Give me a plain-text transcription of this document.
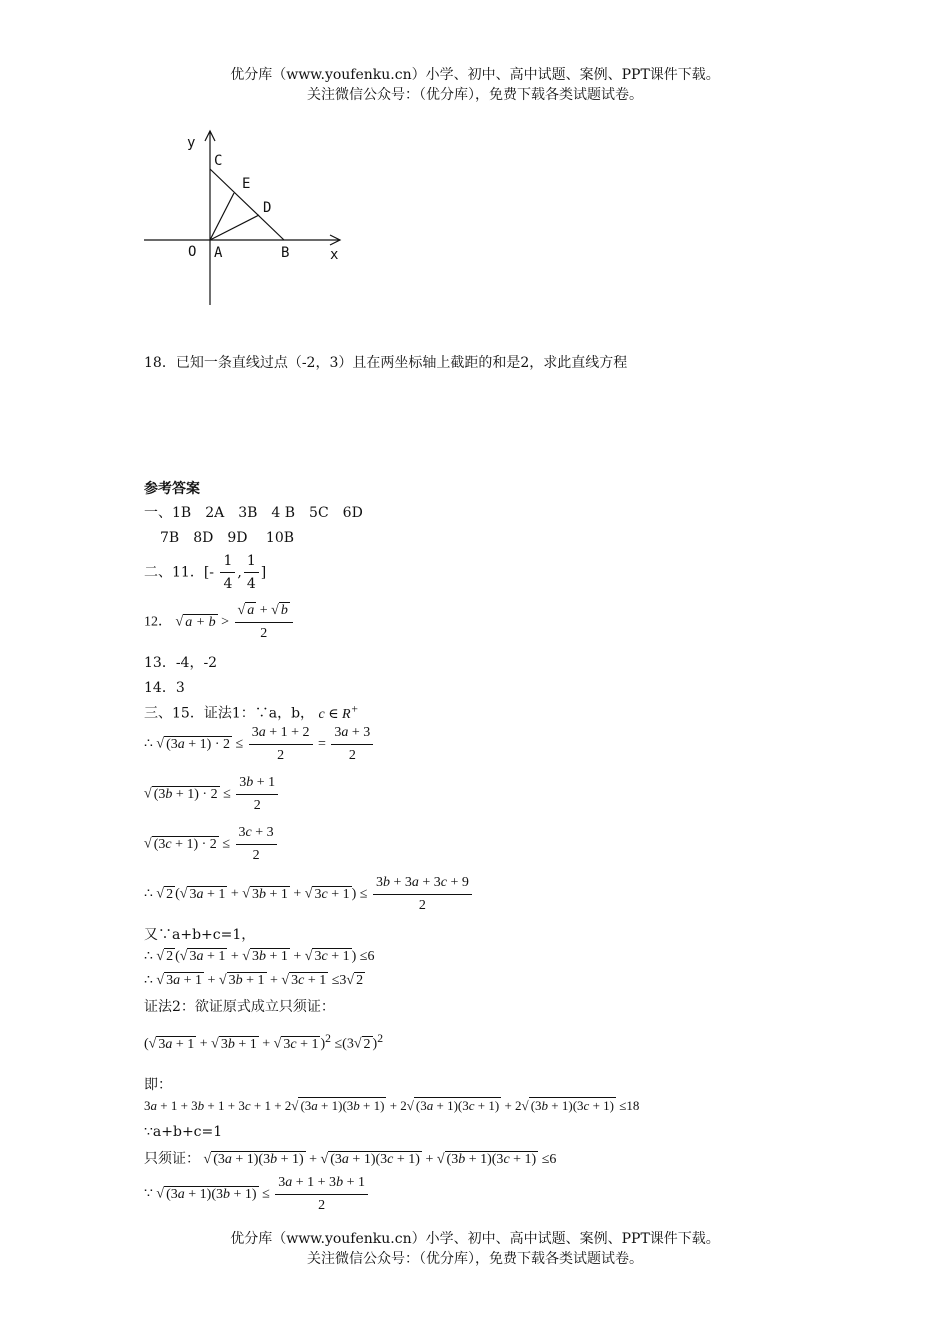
优分库（www.youfenku.cn）小学、初中、高中试题、案例、PPT课件下载。
关注微信公众号：（优分库），免费下载各类试题试卷。
y
C
E
D
O A	B	x
18．已知一条直线过点（-2，3）且在两坐标轴上截距的和是2，求此直线方程
参考答案
一、1B　2A　3B　4 B　5C　6D
7B　8D　9D　 10B
二、11．[- $\frac{1}{4}$ , $\frac{1}{4}$ ]
12． √ $a + b > \frac{√ a + √ b}{2}$
13．-4，-2
14．3
三、15．证法1：∵a，b， c ∈ R+
∴ √ $(3a + 1) \cdot 2 \le \frac{3a + 1 + 2}{2} = \frac{3a + 3}{2}$
√ $(3b + 1) \cdot 2 \le \frac{3b + 1}{2}$
√ $(3c + 1) \cdot 2 \le \frac{3c + 3}{2}$
∴ √ 2 (√ 3a + 1 + √ 3b + 1 + √ 3c + 1 ) ≤ $\frac{3b + 3a + 3c + 9}{2}$
又∵a+b+c=1，
∴ √ 2 (√ 3a + 1 + √ 3b + 1 + √ 3c + 1 ) ≤6
∴ √ 3a + 1 + √ 3b + 1 + √ 3c + 1 ≤3√ 2
证法2：欲证原式成立只须证：
(√ 3a + 1 + √ 3b + 1 + √ 3c + 1 )$^2$ ≤(3√ 2 )$^2$
即：
3a + 1 + 3b + 1 + 3c + 1 + 2√ (3a + 1)(3b + 1) + 2√ (3a + 1)(3c + 1) + 2√ (3b + 1)(3c + 1) ≤18
∵a+b+c=1
只须证： √ (3a + 1)(3b + 1) + √ (3a + 1)(3c + 1) + √ (3b + 1)(3c + 1) ≤6
∵ √ $(3a + 1)(3b + 1) \le \frac{3a + 1 + 3b + 1}{2}$
优分库（www.youfenku.cn）小学、初中、高中试题、案例、PPT课件下载。
关注微信公众号：（优分库），免费下载各类试题试卷。
